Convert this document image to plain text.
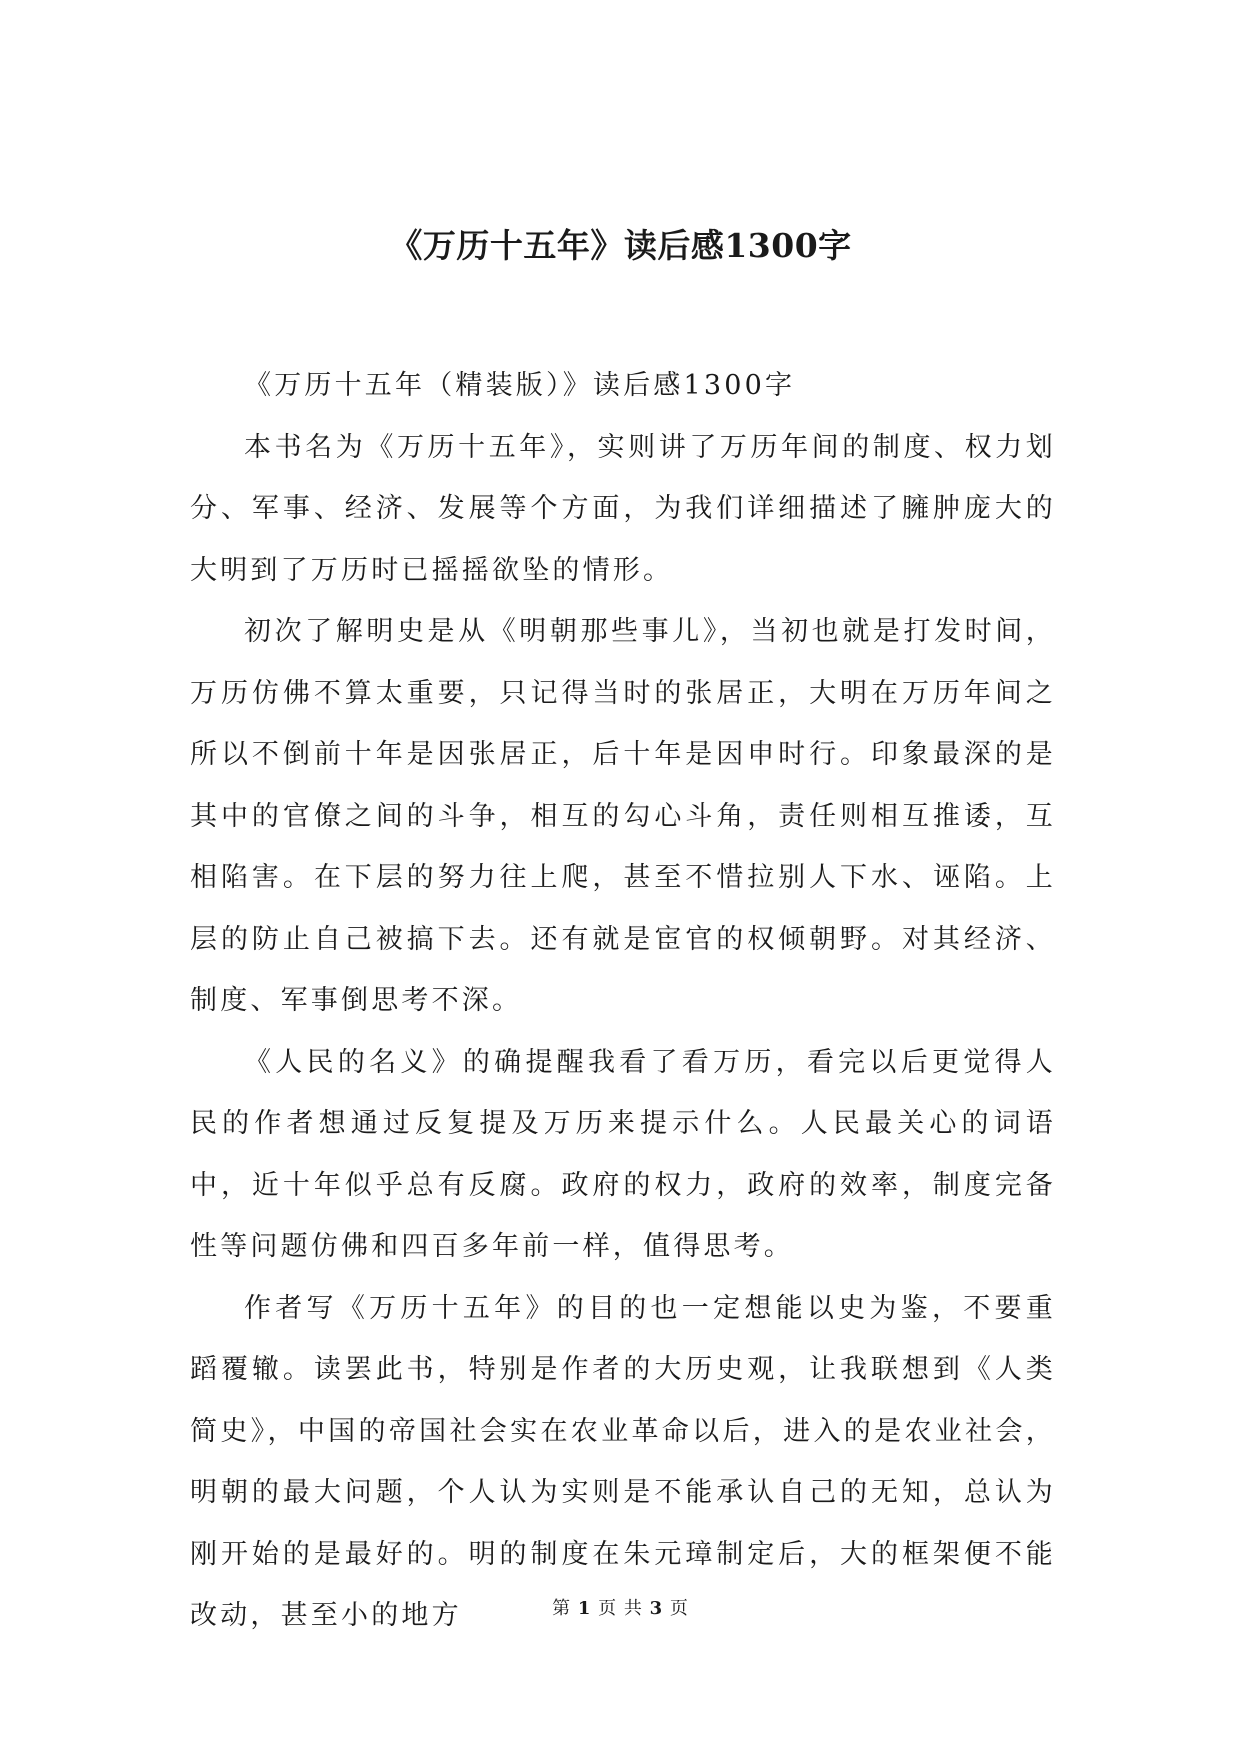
《万历十五年》读后感1300字

《万历十五年（精装版）》读后感1300字

本书名为《万历十五年》，实则讲了万历年间的制度、权力划分、军事、经济、发展等个方面，为我们详细描述了臃肿庞大的大明到了万历时已摇摇欲坠的情形。

初次了解明史是从《明朝那些事儿》，当初也就是打发时间，万历仿佛不算太重要，只记得当时的张居正，大明在万历年间之所以不倒前十年是因张居正，后十年是因申时行。印象最深的是其中的官僚之间的斗争，相互的勾心斗角，责任则相互推诿，互相陷害。在下层的努力往上爬，甚至不惜拉别人下水、诬陷。上层的防止自己被搞下去。还有就是宦官的权倾朝野。对其经济、制度、军事倒思考不深。

《人民的名义》的确提醒我看了看万历，看完以后更觉得人民的作者想通过反复提及万历来提示什么。人民最关心的词语中，近十年似乎总有反腐。政府的权力，政府的效率，制度完备性等问题仿佛和四百多年前一样，值得思考。

作者写《万历十五年》的目的也一定想能以史为鉴，不要重蹈覆辙。读罢此书，特别是作者的大历史观，让我联想到《人类简史》，中国的帝国社会实在农业革命以后，进入的是农业社会，明朝的最大问题，个人认为实则是不能承认自己的无知，总认为刚开始的是最好的。明的制度在朱元璋制定后，大的框架便不能改动，甚至小的地方	第 1 页 共 3 页
